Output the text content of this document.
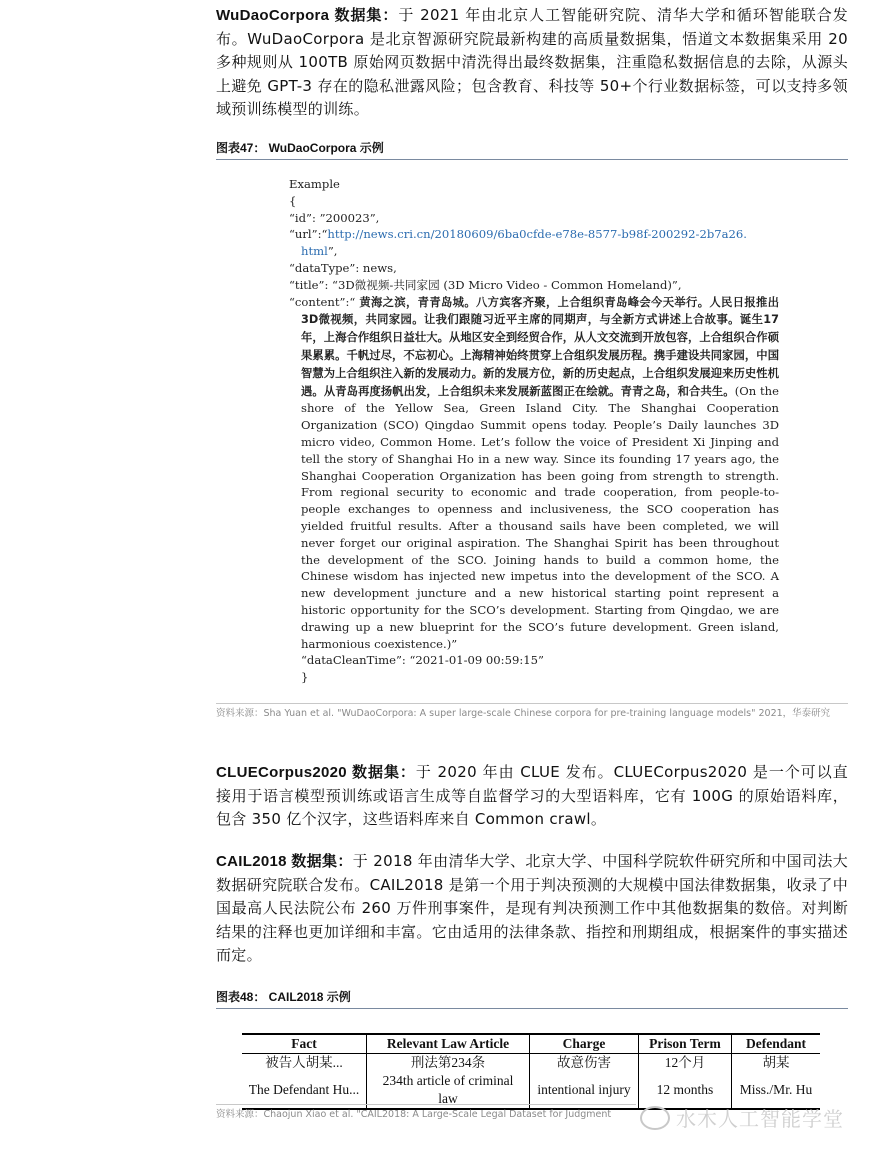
WuDaoCorpora 数据集：于 2021 年由北京人工智能研究院、清华大学和循环智能联合发布。WuDaoCorpora 是北京智源研究院最新构建的高质量数据集，悟道文本数据集采用 20 多种规则从 100TB 原始网页数据中清洗得出最终数据集，注重隐私数据信息的去除，从源头上避免 GPT-3 存在的隐私泄露风险；包含教育、科技等 50+个行业数据标签，可以支持多领域预训练模型的训练。
图表47： WuDaoCorpora 示例
Example
{
“id”: ”200023”,
“url”:“http://news.cri.cn/20180609/6ba0cfde-e78e-8577-b98f-200292-2b7a26.
html”,
“dataType”: news,
“title”: “3D微视频-共同家园 (3D Micro Video - Common Homeland)”,
“content”:“ 黄海之滨，青青岛城。八方宾客齐聚，上合组织青岛峰会今天举行。人民日报推出3D微视频，共同家园。让我们跟随习近平主席的同期声，与全新方式讲述上合故事。诞生17年，上海合作组织日益壮大。从地区安全到经贸合作，从人文交流到开放包容，上合组织合作硕果累累。千帆过尽，不忘初心。上海精神始终贯穿上合组织发展历程。携手建设共同家园，中国智慧为上合组织注入新的发展动力。新的发展方位，新的历史起点，上合组织发展迎来历史性机遇。从青岛再度扬帆出发，上合组织未来发展新蓝图正在绘就。青青之岛，和合共生。(On the shore of the Yellow Sea, Green Island City. The Shanghai Cooperation Organization (SCO) Qingdao Summit opens today. People’s Daily launches 3D micro video, Common Home. Let’s follow the voice of President Xi Jinping and tell the story of Shanghai Ho in a new way. Since its founding 17 years ago, the Shanghai Cooperation Organization has been going from strength to strength. From regional security to economic and trade cooperation, from people-to-people exchanges to openness and inclusiveness, the SCO cooperation has yielded fruitful results. After a thousand sails have been completed, we will never forget our original aspiration. The Shanghai Spirit has been throughout the development of the SCO. Joining hands to build a common home, the Chinese wisdom has injected new impetus into the development of the SCO. A new development juncture and a new historical starting point represent a historic opportunity for the SCO’s development. Starting from Qingdao, we are drawing up a new blueprint for the SCO’s future development. Green island, harmonious coexistence.)”
“dataCleanTime”: “2021-01-09 00:59:15”
}
资料来源：Sha Yuan et al. "WuDaoCorpora: A super large-scale Chinese corpora for pre-training language models" 2021，华泰研究
CLUECorpus2020 数据集：于 2020 年由 CLUE 发布。CLUECorpus2020 是一个可以直接用于语言模型预训练或语言生成等自监督学习的大型语料库，它有 100G 的原始语料库，包含 350 亿个汉字，这些语料库来自 Common crawl。
CAIL2018 数据集：于 2018 年由清华大学、北京大学、中国科学院软件研究所和中国司法大数据研究院联合发布。CAIL2018 是第一个用于判决预测的大规模中国法律数据集，收录了中国最高人民法院公布 260 万件刑事案件，是现有判决预测工作中其他数据集的数倍。对判断结果的注释也更加详细和丰富。它由适用的法律条款、指控和刑期组成，根据案件的事实描述而定。
图表48： CAIL2018 示例
Fact	Relevant Law Article	Charge	Prison Term	Defendant
被告人胡某...	刑法第234条	故意伤害	12个月	胡某
The Defendant Hu...	234th article of criminal law	intentional injury	12 months	Miss./Mr. Hu
资料来源：Chaojun Xiao et al. "CAIL2018: A Large-Scale Legal Dataset for Judgment	水木人工智能学堂
